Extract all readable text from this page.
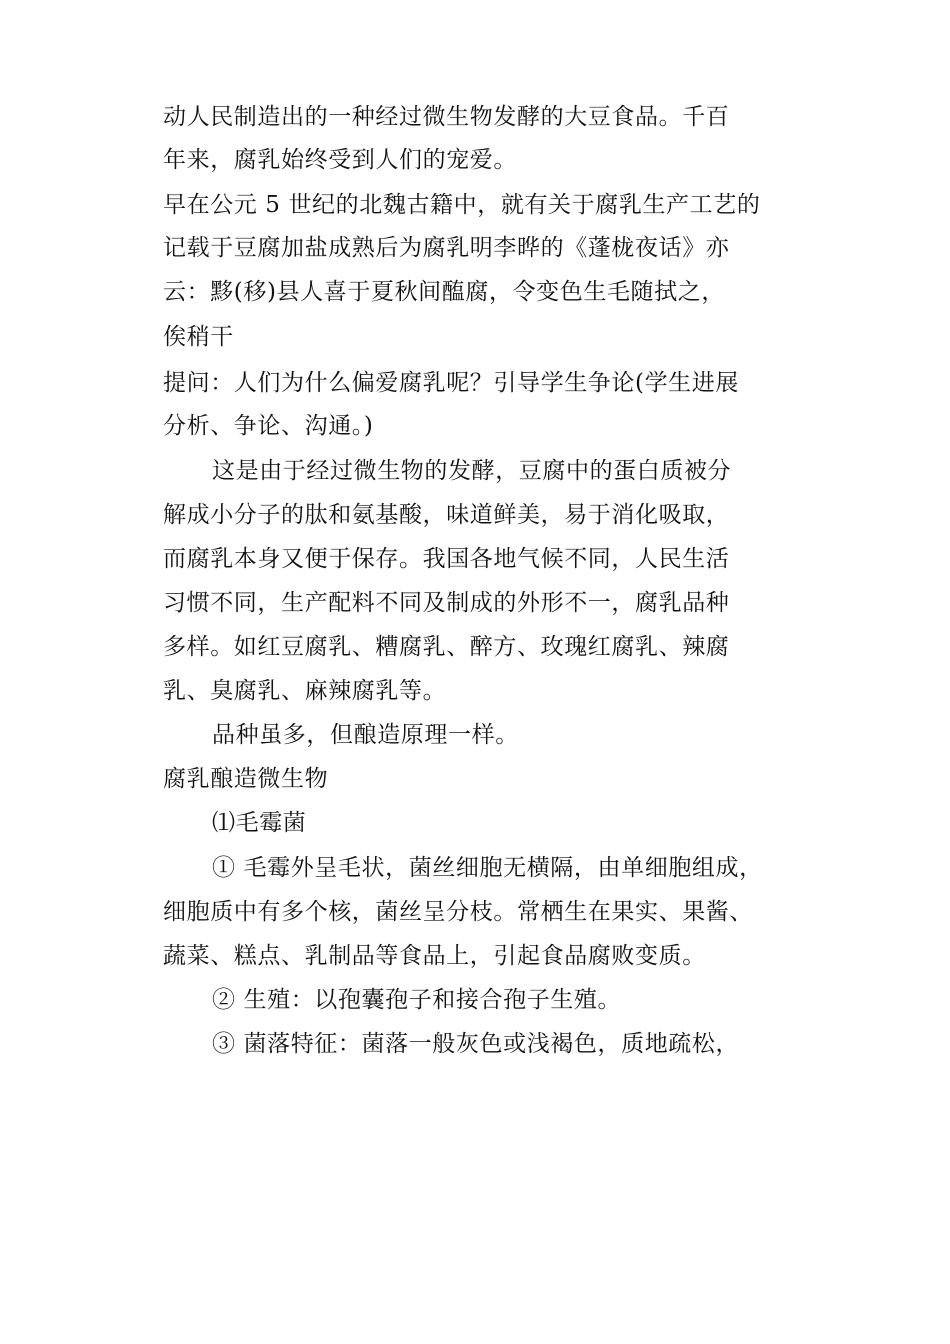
动人民制造出的一种经过微生物发酵的大豆食品。千百
年来，腐乳始终受到人们的宠爱。
早在公元 5 世纪的北魏古籍中，就有关于腐乳生产工艺的
记载于豆腐加盐成熟后为腐乳明李晔的《蓬栊夜话》亦
云：黟(移)县人喜于夏秋间醢腐，令变色生毛随拭之，
俟稍干
提问：人们为什么偏爱腐乳呢？引导学生争论(学生进展
分析、争论、沟通。)
这是由于经过微生物的发酵，豆腐中的蛋白质被分
解成小分子的肽和氨基酸，味道鲜美，易于消化吸取，
而腐乳本身又便于保存。我国各地气候不同，人民生活
习惯不同，生产配料不同及制成的外形不一，腐乳品种
多样。如红豆腐乳、糟腐乳、醉方、玫瑰红腐乳、辣腐
乳、臭腐乳、麻辣腐乳等。
品种虽多，但酿造原理一样。
腐乳酿造微生物
⑴毛霉菌
① 毛霉外呈毛状，菌丝细胞无横隔，由单细胞组成，
细胞质中有多个核，菌丝呈分枝。常栖生在果实、果酱、
蔬菜、糕点、乳制品等食品上，引起食品腐败变质。
② 生殖：以孢囊孢子和接合孢子生殖。
③ 菌落特征：菌落一般灰色或浅褐色，质地疏松，
